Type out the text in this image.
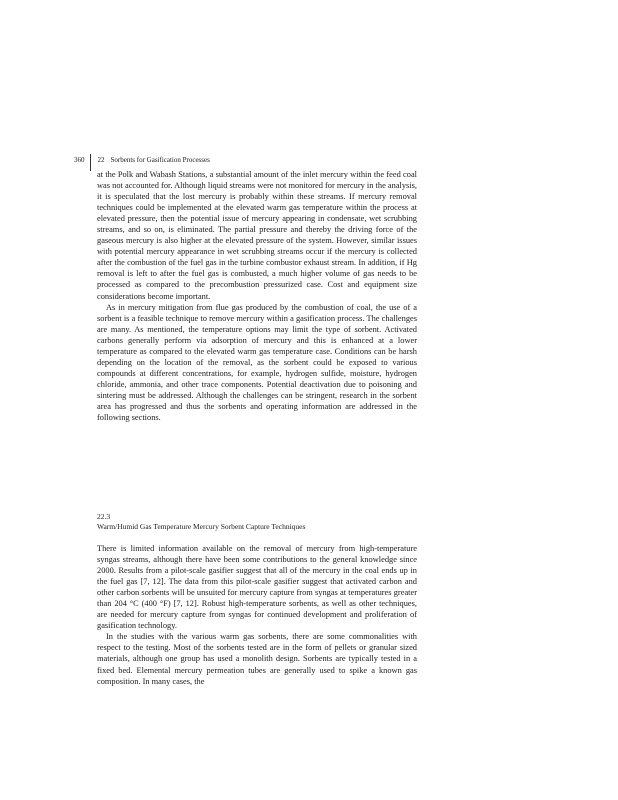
360 22 Sorbents for Gasification Processes

at the Polk and Wabash Stations, a substantial amount of the inlet mercury within the feed coal was not accounted for. Although liquid streams were not monitored for mercury in the analysis, it is speculated that the lost mercury is probably within these streams. If mercury removal techniques could be implemented at the elevated warm gas temperature within the process at elevated pressure, then the potential issue of mercury appearing in condensate, wet scrubbing streams, and so on, is eliminated. The partial pressure and thereby the driving force of the gaseous mercury is also higher at the elevated pressure of the system. However, similar issues with potential mercury appearance in wet scrubbing streams occur if the mercury is collected after the combustion of the fuel gas in the turbine combustor exhaust stream. In addition, if Hg removal is left to after the fuel gas is combusted, a much higher volume of gas needs to be processed as compared to the precombustion pressurized case. Cost and equipment size considerations become important.

As in mercury mitigation from flue gas produced by the combustion of coal, the use of a sorbent is a feasible technique to remove mercury within a gasification process. The challenges are many. As mentioned, the temperature options may limit the type of sorbent. Activated carbons generally perform via adsorption of mercury and this is enhanced at a lower temperature as compared to the elevated warm gas temperature case. Conditions can be harsh depending on the location of the removal, as the sorbent could be exposed to various compounds at different concentrations, for example, hydrogen sulfide, moisture, hydrogen chloride, ammonia, and other trace components. Potential deactivation due to poisoning and sintering must be addressed. Although the challenges can be stringent, research in the sorbent area has progressed and thus the sorbents and operating information are addressed in the following sections.

22.3
Warm/Humid Gas Temperature Mercury Sorbent Capture Techniques

There is limited information available on the removal of mercury from high-temperature syngas streams, although there have been some contributions to the general knowledge since 2000. Results from a pilot-scale gasifier suggest that all of the mercury in the coal ends up in the fuel gas [7, 12]. The data from this pilot-scale gasifier suggest that activated carbon and other carbon sorbents will be unsuited for mercury capture from syngas at temperatures greater than 204 °C (400 °F) [7, 12]. Robust high-temperature sorbents, as well as other techniques, are needed for mercury capture from syngas for continued development and proliferation of gasification technology.

In the studies with the various warm gas sorbents, there are some commonalities with respect to the testing. Most of the sorbents tested are in the form of pellets or granular sized materials, although one group has used a monolith design. Sorbents are typically tested in a fixed bed. Elemental mercury permeation tubes are generally used to spike a known gas composition. In many cases, the
